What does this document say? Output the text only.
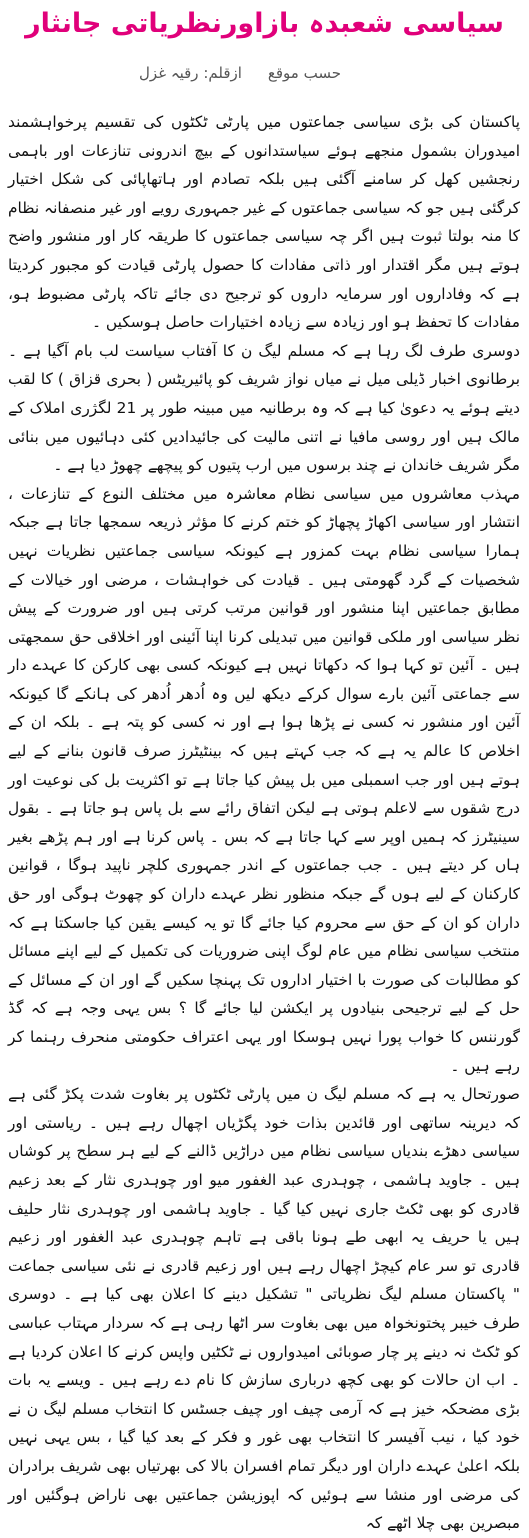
سیاسی شعبدہ بازاورنظریاتی جانثار
حسب موقعازقلم: رقیہ غزل

پاکستان کی بڑی سیاسی جماعتوں میں پارٹی ٹکٹوں کی تقسیم پرخواہشمند امیدوران بشمول منجھے ہوئے سیاستدانوں کے بیچ اندرونی تنازعات اور باہمی رنجشیں کھل کر سامنے آگئی ہیں بلکہ تصادم اور ہاتھاپائی کی شکل اختیار کرگئی ہیں جو کہ سیاسی جماعتوں کے غیر جمہوری رویے اور غیر منصفانہ نظام کا منہ بولتا ثبوت ہیں اگر چہ سیاسی جماعتوں کا طریقہ کار اور منشور واضح ہوتے ہیں مگر اقتدار اور ذاتی مفادات کا حصول پارٹی قیادت کو مجبور کردیتا ہے کہ وفاداروں اور سرمایہ داروں کو ترجیح دی جائے تاکہ پارٹی مضبوط ہو، مفادات کا تحفظ ہو اور زیادہ سے زیادہ اختیارات حاصل ہوسکیں ۔

دوسری طرف لگ رہا ہے کہ مسلم لیگ ن کا آفتاب سیاست لب بام آگیا ہے ۔ برطانوی اخبار ڈیلی میل نے میاں نواز شریف کو پائیریٹس ( بحری قزاق ) کا لقب دیتے ہوئے یہ دعویٰ کیا ہے کہ وہ برطانیہ میں مبینہ طور پر 21 لگژری املاک کے مالک ہیں اور روسی مافیا نے اتنی مالیت کی جائیدادیں کئی دہائیوں میں بنائی مگر شریف خاندان نے چند برسوں میں ارب پتیوں کو پیچھے چھوڑ دیا ہے ۔

مہذب معاشروں میں سیاسی نظام معاشرہ میں مختلف النوع کے تنازعات ، انتشار اور سیاسی اکھاڑ پچھاڑ کو ختم کرنے کا مؤثر ذریعہ سمجھا جاتا ہے جبکہ ہمارا سیاسی نظام بہت کمزور ہے کیونکہ سیاسی جماعتیں نظریات نہیں شخصیات کے گرد گھومتی ہیں ۔ قیادت کی خواہشات ، مرضی اور خیالات کے مطابق جماعتیں اپنا منشور اور قوانین مرتب کرتی ہیں اور ضرورت کے پیش نظر سیاسی اور ملکی قوانین میں تبدیلی کرنا اپنا آئینی اور اخلاقی حق سمجھتی ہیں ۔ آئین تو کہا ہوا کہ دکھاتا نہیں ہے کیونکہ کسی بھی کارکن کا عہدے دار سے جماعتی آئین بارے سوال کرکے دیکھ لیں وہ اُدھر اُدھر کی ہانکے گا کیونکہ آئین اور منشور نہ کسی نے پڑھا ہوا ہے اور نہ کسی کو پتہ ہے ۔ بلکہ ان کے اخلاص کا عالم یہ ہے کہ جب کہتے ہیں کہ بینٹیٹرز صرف قانون بنانے کے لیے ہوتے ہیں اور جب اسمبلی میں بل پیش کیا جاتا ہے تو اکثریت بل کی نوعیت اور درج شقوں سے لاعلم ہوتی ہے لیکن اتفاق رائے سے بل پاس ہو جاتا ہے ۔ بقول سینیٹرز کہ ہمیں اوپر سے کہا جاتا ہے کہ بس ۔ پاس کرنا ہے اور ہم پڑھے بغیر ہاں کر دیتے ہیں ۔ جب جماعتوں کے اندر جمہوری کلچر ناپید ہوگا ، قوانین کارکنان کے لیے ہوں گے جبکہ منظور نظر عہدے داران کو چھوٹ ہوگی اور حق داران کو ان کے حق سے محروم کیا جائے گا تو یہ کیسے یقین کیا جاسکتا ہے کہ منتخب سیاسی نظام میں عام لوگ اپنی ضروریات کی تکمیل کے لیے اپنے مسائل کو مطالبات کی صورت با اختیار اداروں تک پہنچا سکیں گے اور ان کے مسائل کے حل کے لیے ترجیحی بنیادوں پر ایکشن لیا جائے گا ؟ بس یہی وجہ ہے کہ گڈ گورننس کا خواب پورا نہیں ہوسکا اور یہی اعتراف حکومتی منحرف رہنما کر رہے ہیں ۔

صورتحال یہ ہے کہ مسلم لیگ ن میں پارٹی ٹکٹوں پر بغاوت شدت پکڑ گئی ہے کہ دیرینہ ساتھی اور قائدین بذات خود پگڑیاں اچھال رہے ہیں ۔ ریاستی اور سیاسی دھڑے بندیاں سیاسی نظام میں دراڑیں ڈالنے کے لیے ہر سطح پر کوشاں ہیں ۔ جاوید ہاشمی ، چوہدری عبد الغفور میو اور چوہدری نثار کے بعد زعیم قادری کو بھی ٹکٹ جاری نہیں کیا گیا ۔ جاوید ہاشمی اور چوہدری نثار حلیف ہیں یا حریف یہ ابھی طے ہونا باقی ہے تاہم چوہدری عبد الغفور اور زعیم قادری تو سر عام کیچڑ اچھال رہے ہیں اور زعیم قادری نے نئی سیاسی جماعت " پاکستان مسلم لیگ نظریاتی " تشکیل دینے کا اعلان بھی کیا ہے ۔ دوسری طرف خیبر پختونخواہ میں بھی بغاوت سر اٹھا رہی ہے کہ سردار مہتاب عباسی کو ٹکٹ نہ دینے پر چار صوبائی امیدواروں نے ٹکٹیں واپس کرنے کا اعلان کردیا ہے ۔ اب ان حالات کو بھی کچھ درباری سازش کا نام دے رہے ہیں ۔ ویسے یہ بات بڑی مضحکہ خیز ہے کہ آرمی چیف اور چیف جسٹس کا انتخاب مسلم لیگ ن نے خود کیا ، نیب آفیسر کا انتخاب بھی غور و فکر کے بعد کیا گیا ، بس یہی نہیں بلکہ اعلیٰ عہدے داران اور دیگر تمام افسران بالا کی بھرتیاں بھی شریف برادران کی مرضی اور منشا سے ہوئیں کہ اپوزیشن جماعتیں بھی ناراض ہوگئیں اور مبصرین بھی چلا اٹھے کہ
